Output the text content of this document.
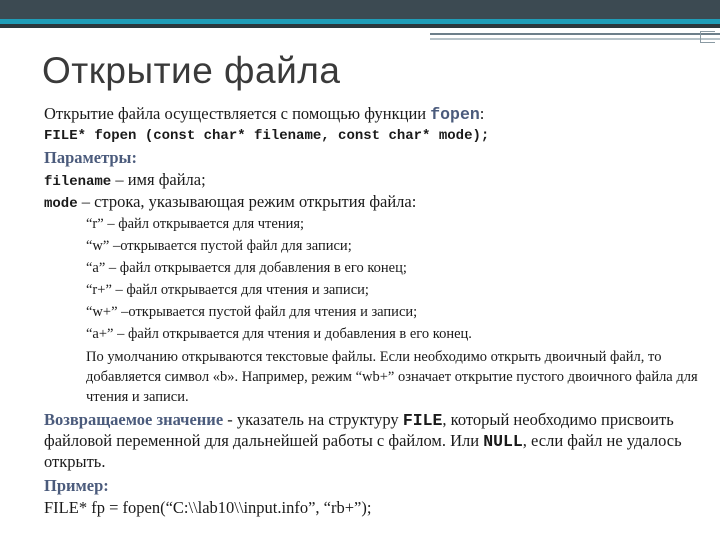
Открытие файла
Открытие файла осуществляется с помощью функции fopen:
FILE* fopen (const char* filename, const char* mode);
Параметры:
filename – имя файла;
mode – строка, указывающая режим открытия файла:
“r” – файл открывается для чтения;
“w” –открывается пустой файл для записи;
“a” – файл открывается для добавления в его конец;
“r+” – файл открывается для чтения и записи;
“w+” –открывается пустой файл для чтения и записи;
“a+” – файл открывается для чтения и добавления в его конец.
По умолчанию открываются текстовые файлы. Если необходимо открыть двоичный файл, то добавляется символ «b». Например, режим “wb+” означает открытие пустого двоичного файла для чтения и записи.
Возвращаемое значение - указатель на структуру FILE, который необходимо присвоить файловой переменной для дальнейшей работы с файлом. Или NULL, если файл не удалось открыть.
Пример:
FILE* fp = fopen(“C:\\lab10\\input.info”, “rb+”);
